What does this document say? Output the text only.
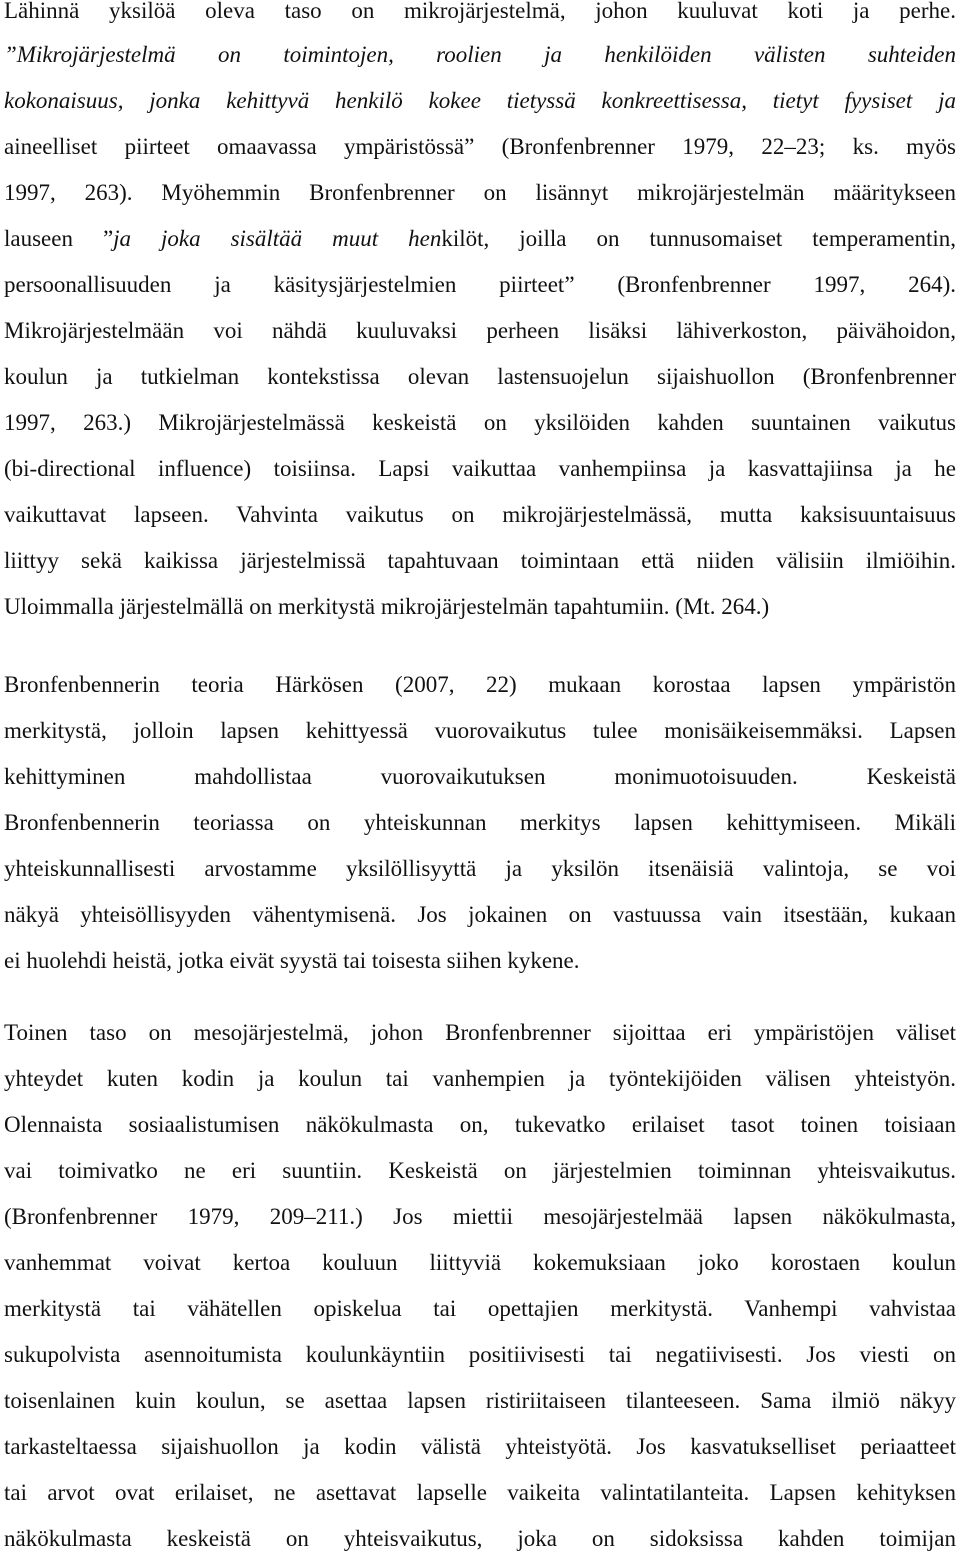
Lähinnä yksilöä oleva taso on mikrojärjestelmä, johon kuuluvat koti ja perhe.
”Mikrojärjestelmä on toimintojen, roolien ja henkilöiden välisten suhteiden
kokonaisuus, jonka kehittyvä henkilö kokee tietyssä konkreettisessa, tietyt fyysiset ja
aineelliset piirteet omaavassa ympäristössä” (Bronfenbrenner 1979, 22–23; ks. myös
1997, 263). Myöhemmin Bronfenbrenner on lisännyt mikrojärjestelmän määritykseen
lauseen ”ja joka sisältää muut henkilöt, joilla on tunnusomaiset temperamentin,
persoonallisuuden ja käsitysjärjestelmien piirteet” (Bronfenbrenner 1997, 264).
Mikrojärjestelmään voi nähdä kuuluvaksi perheen lisäksi lähiverkoston, päivähoidon,
koulun ja tutkielman kontekstissa olevan lastensuojelun sijaishuollon (Bronfenbrenner
1997, 263.) Mikrojärjestelmässä keskeistä on yksilöiden kahden suuntainen vaikutus
(bi-directional influence) toisiinsa. Lapsi vaikuttaa vanhempiinsa ja kasvattajiinsa ja he
vaikuttavat lapseen. Vahvinta vaikutus on mikrojärjestelmässä, mutta kaksisuuntaisuus
liittyy sekä kaikissa järjestelmissä tapahtuvaan toimintaan että niiden välisiin ilmiöihin.
Uloimmalla järjestelmällä on merkitystä mikrojärjestelmän tapahtumiin. (Mt. 264.)
Bronfenbennerin teoria Härkösen (2007, 22) mukaan korostaa lapsen ympäristön
merkitystä, jolloin lapsen kehittyessä vuorovaikutus tulee monisäikeisemmäksi. Lapsen
kehittyminen mahdollistaa vuorovaikutuksen monimuotoisuuden. Keskeistä
Bronfenbennerin teoriassa on yhteiskunnan merkitys lapsen kehittymiseen. Mikäli
yhteiskunnallisesti arvostamme yksilöllisyyttä ja yksilön itsenäisiä valintoja, se voi
näkyä yhteisöllisyyden vähentymisenä. Jos jokainen on vastuussa vain itsestään, kukaan
ei huolehdi heistä, jotka eivät syystä tai toisesta siihen kykene.
Toinen taso on mesojärjestelmä, johon Bronfenbrenner sijoittaa eri ympäristöjen väliset
yhteydet kuten kodin ja koulun tai vanhempien ja työntekijöiden välisen yhteistyön.
Olennaista sosiaalistumisen näkökulmasta on, tukevatko erilaiset tasot toinen toisiaan
vai toimivatko ne eri suuntiin. Keskeistä on järjestelmien toiminnan yhteisvaikutus.
(Bronfenbrenner 1979, 209–211.) Jos miettii mesojärjestelmää lapsen näkökulmasta,
vanhemmat voivat kertoa kouluun liittyviä kokemuksiaan joko korostaen koulun
merkitystä tai vähätellen opiskelua tai opettajien merkitystä. Vanhempi vahvistaa
sukupolvista asennoitumista koulunkäyntiin positiivisesti tai negatiivisesti. Jos viesti on
toisenlainen kuin koulun, se asettaa lapsen ristiriitaiseen tilanteeseen. Sama ilmiö näkyy
tarkasteltaessa sijaishuollon ja kodin välistä yhteistyötä. Jos kasvatukselliset periaatteet
tai arvot ovat erilaiset, ne asettavat lapselle vaikeita valintatilanteita. Lapsen kehityksen
näkökulmasta keskeistä on yhteisvaikutus, joka on sidoksissa kahden toimijan
